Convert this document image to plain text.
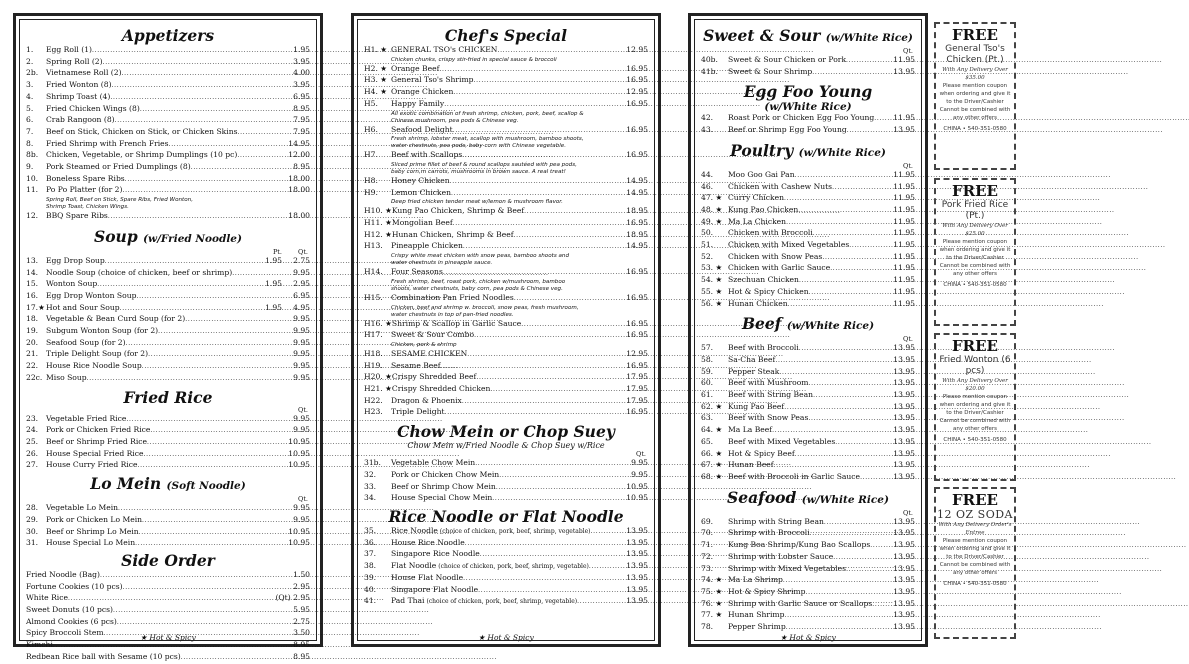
Appetizers
1.	Egg Roll (1) . . .	1.95
2.	Spring Roll (2) . . .	3.95
2b.	Vietnamese Roll (2) . . .	4.00
3.	Fried Wonton (8) . . .	3.95
4.	Shrimp Toast (4) . . .	6.95
5.	Fried Chicken Wings (8) . . .	8.95
6.	Crab Rangoon (8) . . .	7.95
7.	Beef on Stick, Chicken on Stick, or Chicken Skins . . .	7.95
8.	Fried Shrimp with French Fries . . .	14.95
8b.	Chicken, Vegetable, or Shrimp Dumplings (10 pc) . . .	12.00
9.	Pork Steamed or Fried Dumplings (8) . . .	8.95
10.	Boneless Spare Ribs . . .	18.00
11.	Po Po Platter (for 2) . . .	18.00
Spring Roll, Beef on Stick, Spare Ribs, Fried Wonton,
Shrimp Toast, Chicken Wings.
12.	BBQ Spare Ribs . . .	18.00
Soup (w/Fried Noodle)
Pt. Qt.
13.	Egg Drop Soup . . .	1.95	2.75
14.	Noodle Soup (choice of chicken, beef or shrimp) . . .	9.95
15.	Wonton Soup . . .	1.95	2.95
16.	Egg Drop Wonton Soup . . .	6.95
17.★ Hot and Sour Soup . . .	1.95	4.95
18.	Vegetable & Bean Curd Soup (for 2) . . .	9.95
19.	Subgum Wonton Soup (for 2) . . .	9.95
20.	Seafood Soup (for 2) . . .	9.95
21.	Triple Delight Soup (for 2) . . .	9.95
22.	House Rice Noodle Soup . . .	9.95
22c. Miso Soup . . .	9.95
Fried Rice
Qt.
23.	Vegetable Fried Rice . . .	9.95
24.	Pork or Chicken Fried Rice . . .	9.95
25.	Beef or Shrimp Fried Rice . . .	10.95
26.	House Special Fried Rice . . .	10.95
27.	House Curry Fried Rice . . .	10.95
Lo Mein (Soft Noodle)
Qt.
28.	Vegetable Lo Mein . . .	9.95
29.	Pork or Chicken Lo Mein . . .	9.95
30.	Beef or Shrimp Lo Mein . . .	10.95
31.	House Special Lo Mein . . .	10.95
Side Order
Fried Noodle (Bag) . . .	1.50
Fortune Cookies (10 pcs) . . .	2.95
White Rice . . .	(Qt) 2.95
Sweet Donuts (10 pcs) . . .	5.95
Almond Cookies (6 pcs) . . .	2.75
Spicy Broccoli Stem . . .	3.50
Kimchi . . .	8.95
Redbean Rice ball with Sesame (10 pcs) . . .	8.95
★ Hot & Spicy
Chef's Special
H1. ★ GENERAL TSO's CHICKEN . . .	12.95
Chicken chunks, crispy stir-fried in special sauce & broccoli
H2. ★ Orange Beef . . .	16.95
H3. ★ General Tso's Shrimp . . .	16.95
H4. ★ Orange Chicken . . .	12.95
H5.	Happy Family . . .	16.95
All exotic combination of fresh shrimp, chicken, pork, beef, scallop &
Chinese mushroom, pea pods & Chinese veg.
H6.	Seafood Delight . . .	16.95
Fresh shrimp, lobster meat, scallop with mushroom, bamboo shoots,
water chestnuts, pea pods, baby corn with Chinese vegetable.
H7.	Beef with Scallops . . .	16.95
Sliced prime fillet of beef & round scallops sautéed with pea pods,
baby corn,m carrots, mushrooms in brown sauce. A real treat!
H8.	Honey Chicken . . .	14.95
H9.	Lemon Chicken . . .	14.95
Deep fried chicken tender meat w/lemon & mushroom flavor.
H10. ★ Kung Pao Chicken, Shrimp & Beef . . .	18.95
H11. ★ Mongolian Beef . . .	16.95
H12. ★ Hunan Chicken, Shrimp & Beef . . .	18.95
H13.	Pineapple Chicken . . .	14.95
Crispy white meat chicken with snow peas, bamboo shoots and
water chestnuts in pineapple sauce.
H14.	Four Seasons . . .	16.95
Fresh shrimp, beef, roast pork, chicken w/mushroom, bamboo
shoots, water chestnuts, baby corn, pea pods & Chinese veg.
H15.	Combination Pan Fried Noodles . . .	16.95
Chicken, beef and shrimp w. broccoli, snow peas, fresh mushroom,
water chestnuts in top of pan-fried noodles.
H16. ★ Shrimp & Scallop in Garlic Sauce . . .	16.95
H17.	Sweet & Sour Combo . . .	16.95
Chicken, pork & shrimp
H18.	SESAME CHICKEN . . .	12.95
H19.	Sesame Beef . . .	16.95
H20. ★ Crispy Shredded Beef . . .	17.95
H21. ★ Crispy Shredded Chicken . . .	17.95
H22.	Dragon & Phoenix . . .	17.95
H23.	Triple Delight . . .	16.95
Chow Mein or Chop Suey
Chow Mein w/Fried Noodle & Chop Suey w/Rice
Qt.
31b.	Vegetable Chow Mein . . .	9.95
32.	Pork or Chicken Chow Mein . . .	9.95
33.	Beef or Shrimp Chow Mein . . .	10.95
34.	House Special Chow Mein . . .	10.95
Rice Noodle or Flat Noodle
35.	Rice Noodle (choice of chicken, pork, beef, shrimp, vegetable) . . .	13.95
36.	House Rice Noodle . . .	13.95
37.	Singapore Rice Noodle . . .	13.95
38.	Flat Noodle (choice of chicken, pork, beef, shrimp, vegetable) . . .	13.95
39.	House Flat Noodle . . .	13.95
40.	Singapore Flat Noodle . . .	13.95
41.	Pad Thai (choice of chicken, pork, beef, shrimp, vegetable) . . .	13.95
★ Hot & Spicy
Sweet & Sour (w/White Rice)
Qt.
40b.	Sweet & Sour Chicken or Pork . . .	11.95
41b.	Sweet & Sour Shrimp . . .	13.95
Egg Foo Young
(w/White Rice)
42.	Roast Pork or Chicken Egg Foo Young . . . 11.95
43.	Beef or Shrimp Egg Foo Young . . .	13.95
Poultry (w/White Rice)
Qt.
44.	Moo Goo Gai Pan . . .	11.95
46.	Chicken with Cashew Nuts . . .	11.95
47. ★ Curry Chicken . . .	11.95
48. ★ Kung Pao Chicken . . .	11.95
49. ★ Ma La Chicken . . .	11.95
50.	Chicken with Broccoli . . .	11.95
51.	Chicken with Mixed Vegetables . . .	11.95
52.	Chicken with Snow Peas . . .	11.95
53. ★ Chicken with Garlic Sauce . . .	11.95
54. ★ Szechuan Chicken . . .	11.95
55. ★ Hot & Spicy Chicken . . .	11.95
56. ★ Hunan Chicken . . .	11.95
Beef (w/White Rice)
Qt.
57.	Beef with Broccoli . . .	13.95
58.	Sa-Cha Beef . . .	13.95
59.	Pepper Steak . . .	13.95
60.	Beef with Mushroom . . .	13.95
61.	Beef with String Bean . . .	13.95
62. ★ Kung Pao Beef . . .	13.95
63.	Beef with Snow Peas . . .	13.95
64. ★ Ma La Beef . . .	13.95
65.	Beef with Mixed Vegetables . . .	13.95
66. ★ Hot & Spicy Beef . . .	13.95
67. ★ Hunan Beef . . .	13.95
68. ★ Beef with Broccoli in Garlic Sauce . . .	13.95
Seafood (w/White Rice)
Qt.
69.	Shrimp with String Bean . . .	13.95
70.	Shrimp with Broccoli . . .	13.95
71.	Kung Boa Shrimp/Kung Bao Scallops . . .	13.95
72.	Shrimp with Lobster Sauce . . .	13.95
73.	Shrimp with Mixed Vegetables . . .	13.95
74. ★ Ma La Shrimp . . .	13.95
75. ★ Hot & Spicy Shrimp . . .	13.95
76. ★ Shrimp with Garlic Sauce or Scallops . . .	13.95
77. ★ Hunan Shrimp . . .	13.95
78.	Pepper Shrimp . . .	13.95
★ Hot & Spicy
FREE
General Tso's Chicken (Pt.)
With Any Delivery Over $35.00
Please mention coupon when ordering and give it to the Driver/Cashier Cannot be combined with any other offers
CHINA • 540-351-0580
FREE
Pork Fried Rice (Pt.)
With Any Delivery Over $25.00
Please mention coupon when ordering and give it to the Driver/Cashier Cannot be combined with any other offers
CHINA • 540-351-0580
FREE
Fried Wonton (6 pcs)
With Any Delivery Over $20.00
Please mention coupon when ordering and give it to the Driver/Cashier Cannot be combined with any other offers
CHINA • 540-351-0580
FREE
12 OZ SODA
With Any Delivery Order's Entree
Please mention coupon when ordering and give it to the Driver/Cashier Cannot be combined with any other offers
CHINA • 540-351-0580
